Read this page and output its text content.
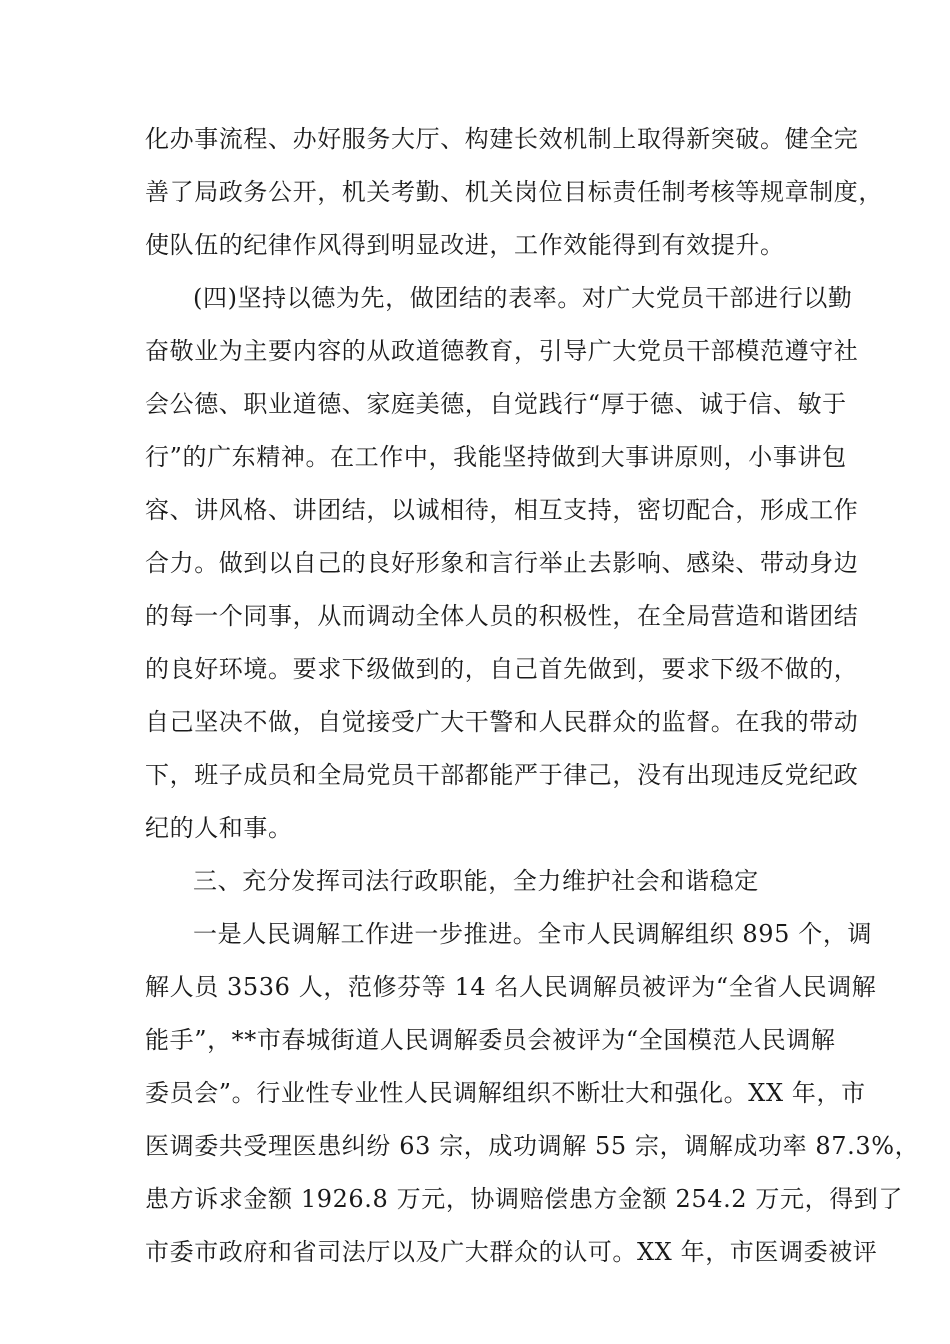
化办事流程、办好服务大厅、构建长效机制上取得新突破。健全完
善了局政务公开，机关考勤、机关岗位目标责任制考核等规章制度，
使队伍的纪律作风得到明显改进，工作效能得到有效提升。
(四)坚持以德为先，做团结的表率。对广大党员干部进行以勤
奋敬业为主要内容的从政道德教育，引导广大党员干部模范遵守社
会公德、职业道德、家庭美德，自觉践行“厚于德、诚于信、敏于
行”的广东精神。在工作中，我能坚持做到大事讲原则，小事讲包
容、讲风格、讲团结，以诚相待，相互支持，密切配合，形成工作
合力。做到以自己的良好形象和言行举止去影响、感染、带动身边
的每一个同事，从而调动全体人员的积极性，在全局营造和谐团结
的良好环境。要求下级做到的，自己首先做到，要求下级不做的，
自己坚决不做，自觉接受广大干警和人民群众的监督。在我的带动
下，班子成员和全局党员干部都能严于律己，没有出现违反党纪政
纪的人和事。
三、充分发挥司法行政职能，全力维护社会和谐稳定
一是人民调解工作进一步推进。全市人民调解组织 895 个，调
解人员 3536 人，范修芬等 14 名人民调解员被评为“全省人民调解
能手”，**市春城街道人民调解委员会被评为“全国模范人民调解
委员会”。行业性专业性人民调解组织不断壮大和强化。XX 年，市
医调委共受理医患纠纷 63 宗，成功调解 55 宗，调解成功率 87.3%，
患方诉求金额 1926.8 万元，协调赔偿患方金额 254.2 万元，得到了
市委市政府和省司法厅以及广大群众的认可。XX 年，市医调委被评
